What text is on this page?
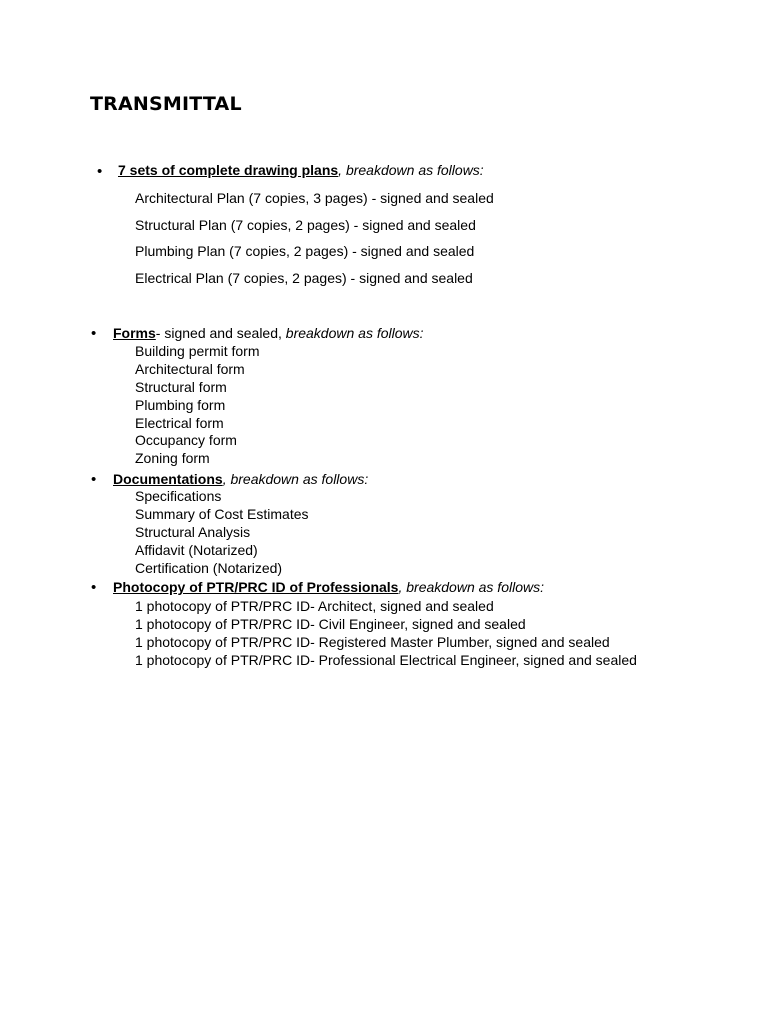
TRANSMITTAL
• 7 sets of complete drawing plans, breakdown as follows:
Architectural Plan (7 copies, 3 pages) - signed and sealed
Structural Plan (7 copies, 2 pages) - signed and sealed
Plumbing Plan (7 copies, 2 pages) - signed and sealed
Electrical Plan (7 copies, 2 pages) - signed and sealed
• Forms- signed and sealed, breakdown as follows:
Building permit form
Architectural form
Structural form
Plumbing form
Electrical form
Occupancy form
Zoning form
• Documentations, breakdown as follows:
Specifications
Summary of Cost Estimates
Structural Analysis
Affidavit (Notarized)
Certification (Notarized)
• Photocopy of PTR/PRC ID of Professionals, breakdown as follows:
1 photocopy of PTR/PRC ID- Architect, signed and sealed
1 photocopy of PTR/PRC ID- Civil Engineer, signed and sealed
1 photocopy of PTR/PRC ID- Registered Master Plumber, signed and sealed
1 photocopy of PTR/PRC ID- Professional Electrical Engineer, signed and sealed
